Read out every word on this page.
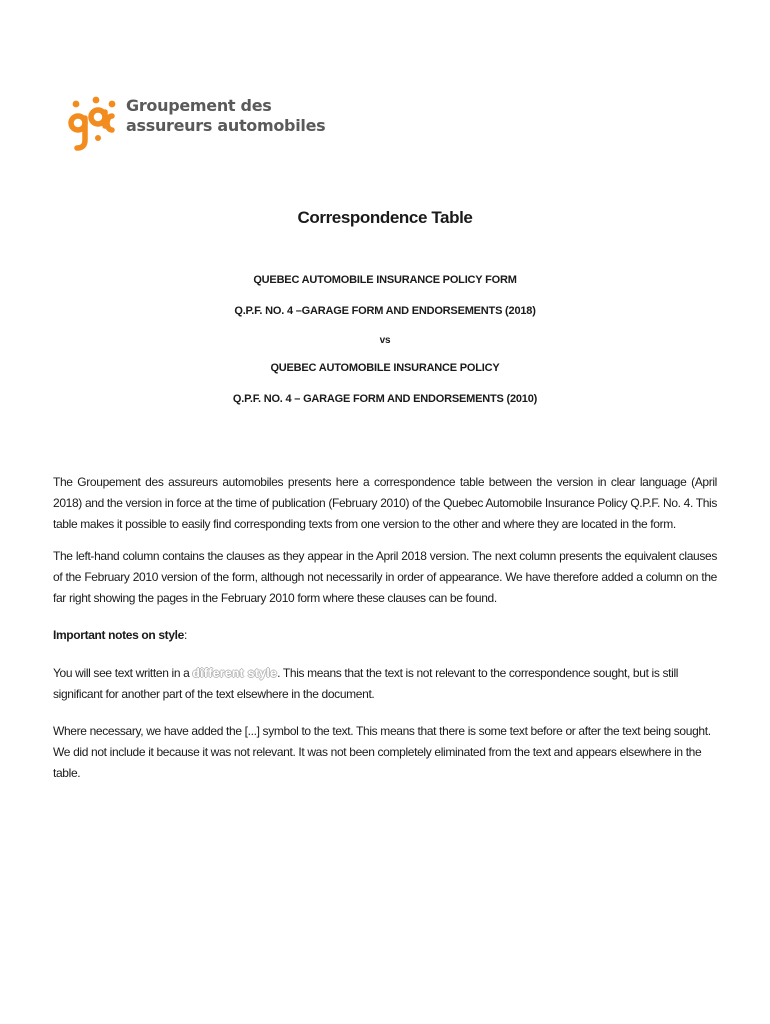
Groupement des
assureurs automobiles
Correspondence Table
QUEBEC AUTOMOBILE INSURANCE POLICY FORM
Q.P.F. NO. 4 –GARAGE FORM AND ENDORSEMENTS (2018)
vs
QUEBEC AUTOMOBILE INSURANCE POLICY
Q.P.F. NO. 4 – GARAGE FORM AND ENDORSEMENTS (2010)

The Groupement des assureurs automobiles presents here a correspondence table between the version in clear language (April 2018) and the version in force at the time of publication (February 2010) of the Quebec Automobile Insurance Policy Q.P.F. No. 4. This table makes it possible to easily find corresponding texts from one version to the other and where they are located in the form.

The left-hand column contains the clauses as they appear in the April 2018 version. The next column presents the equivalent clauses of the February 2010 version of the form, although not necessarily in order of appearance. We have therefore added a column on the far right showing the pages in the February 2010 form where these clauses can be found.

Important notes on style:

You will see text written in a different style. This means that the text is not relevant to the correspondence sought, but is still significant for another part of the text elsewhere in the document.

Where necessary, we have added the [...] symbol to the text. This means that there is some text before or after the text being sought. We did not include it because it was not relevant. It was not been completely eliminated from the text and appears elsewhere in the table.
